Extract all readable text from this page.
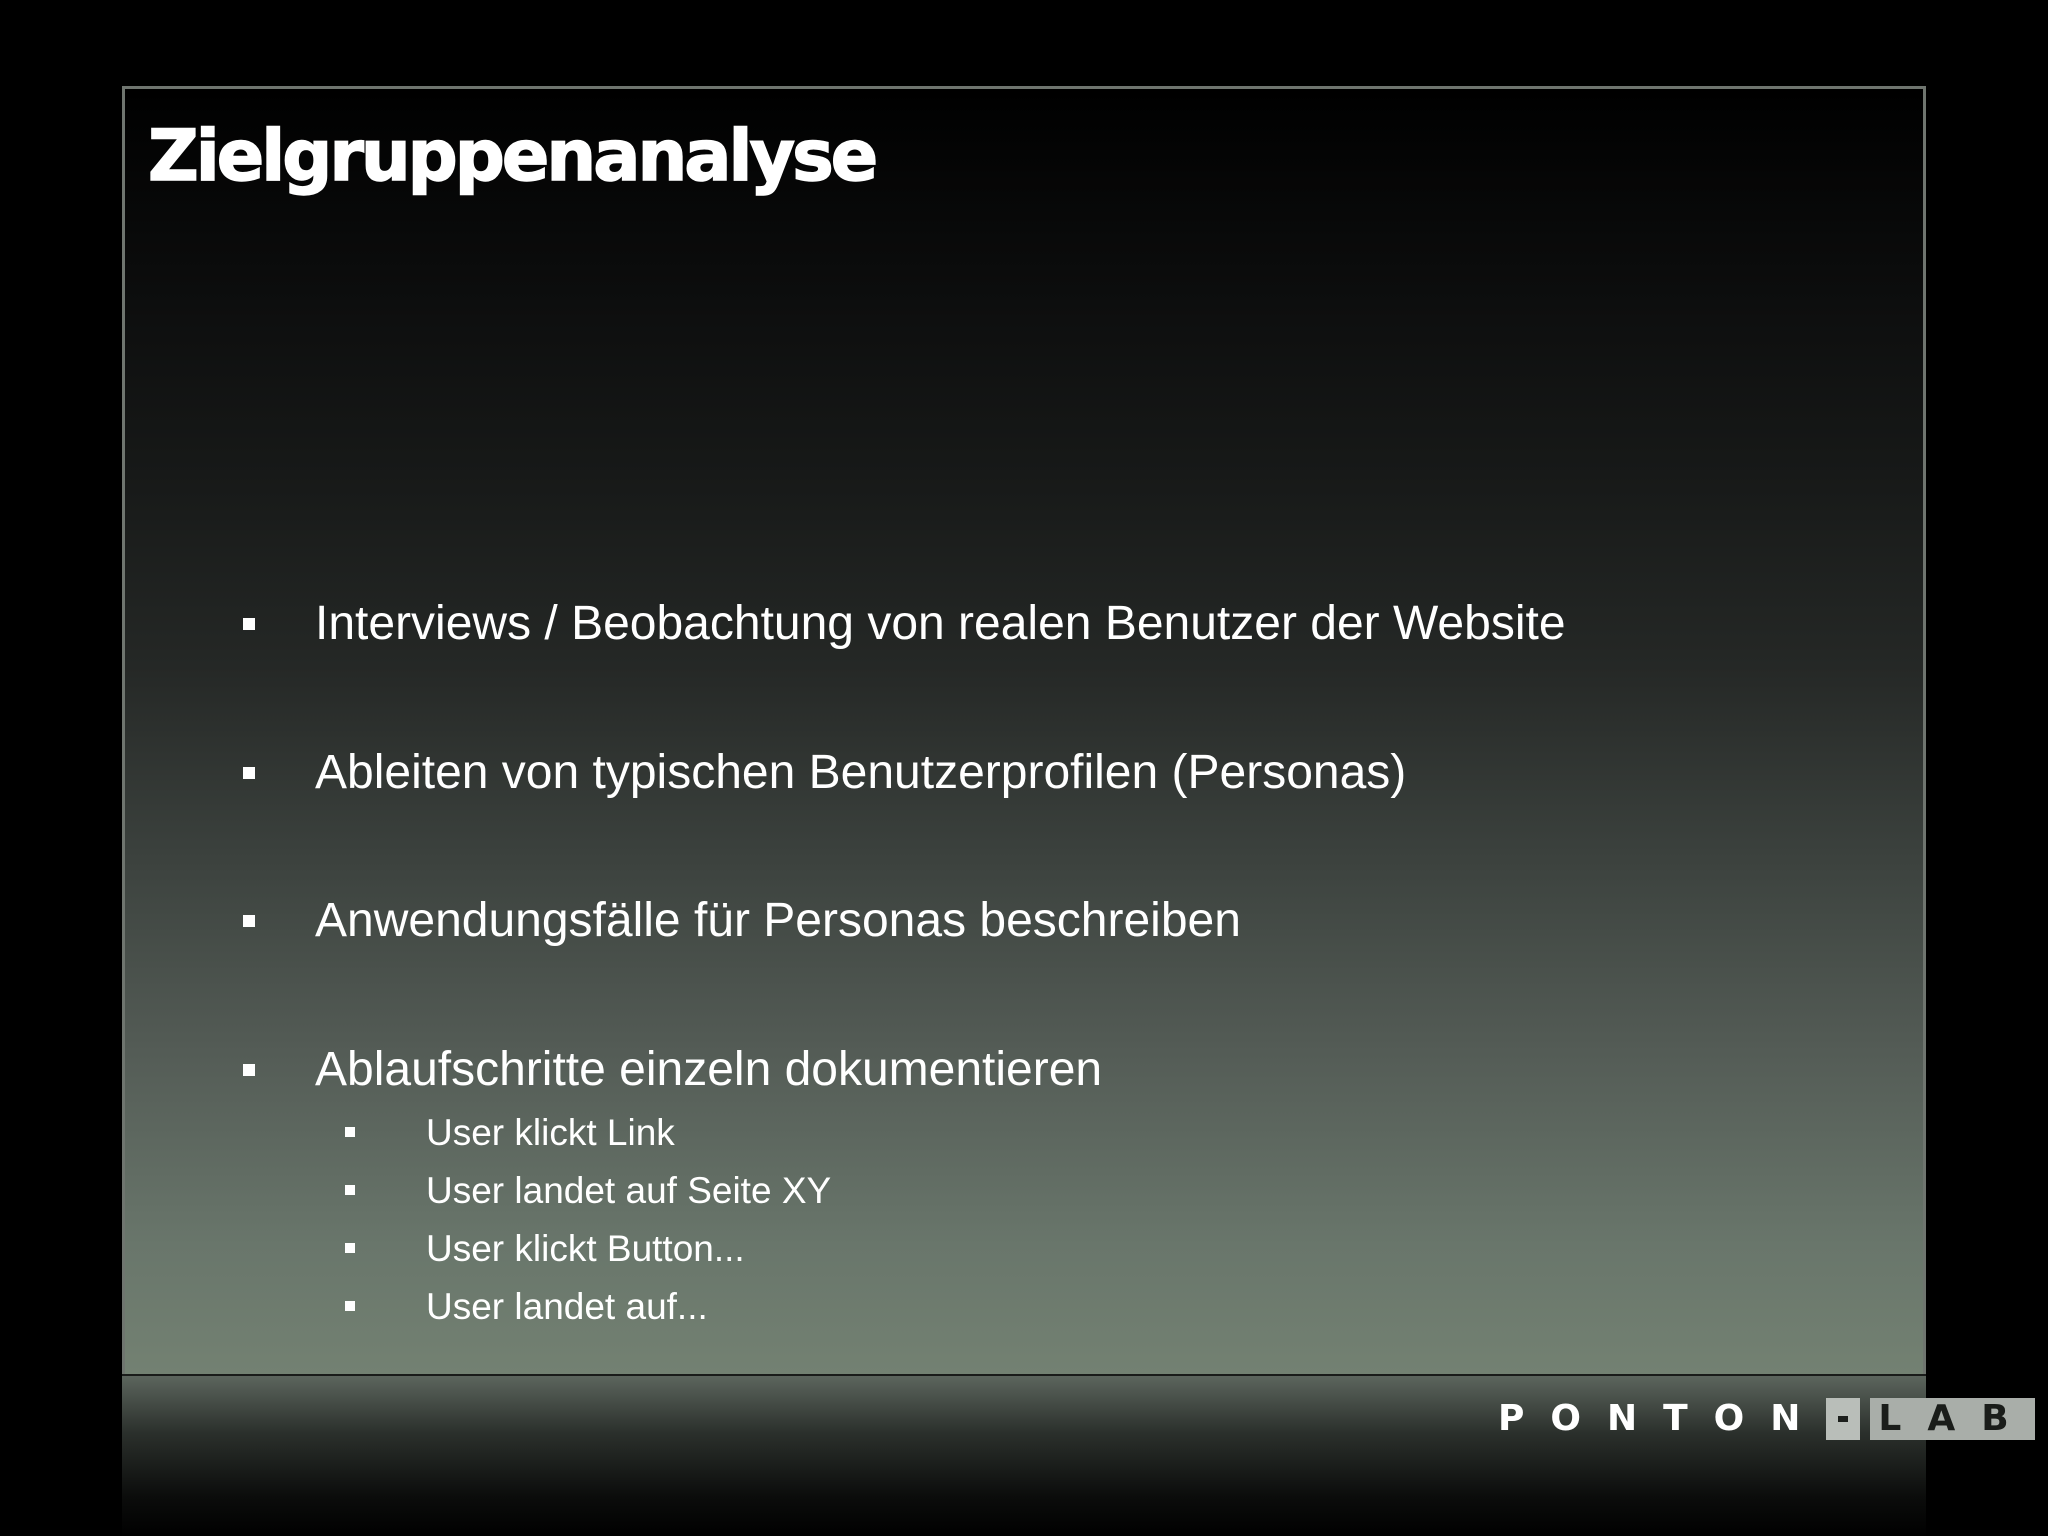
Zielgruppenanalyse
Interviews / Beobachtung von realen Benutzer der Website
Ableiten von typischen Benutzerprofilen (Personas)
Anwendungsfälle für Personas beschreiben
Ablaufschritte einzeln dokumentieren
User klickt Link
User landet auf Seite XY
User klickt Button...
User landet auf...
PONTON LAB
